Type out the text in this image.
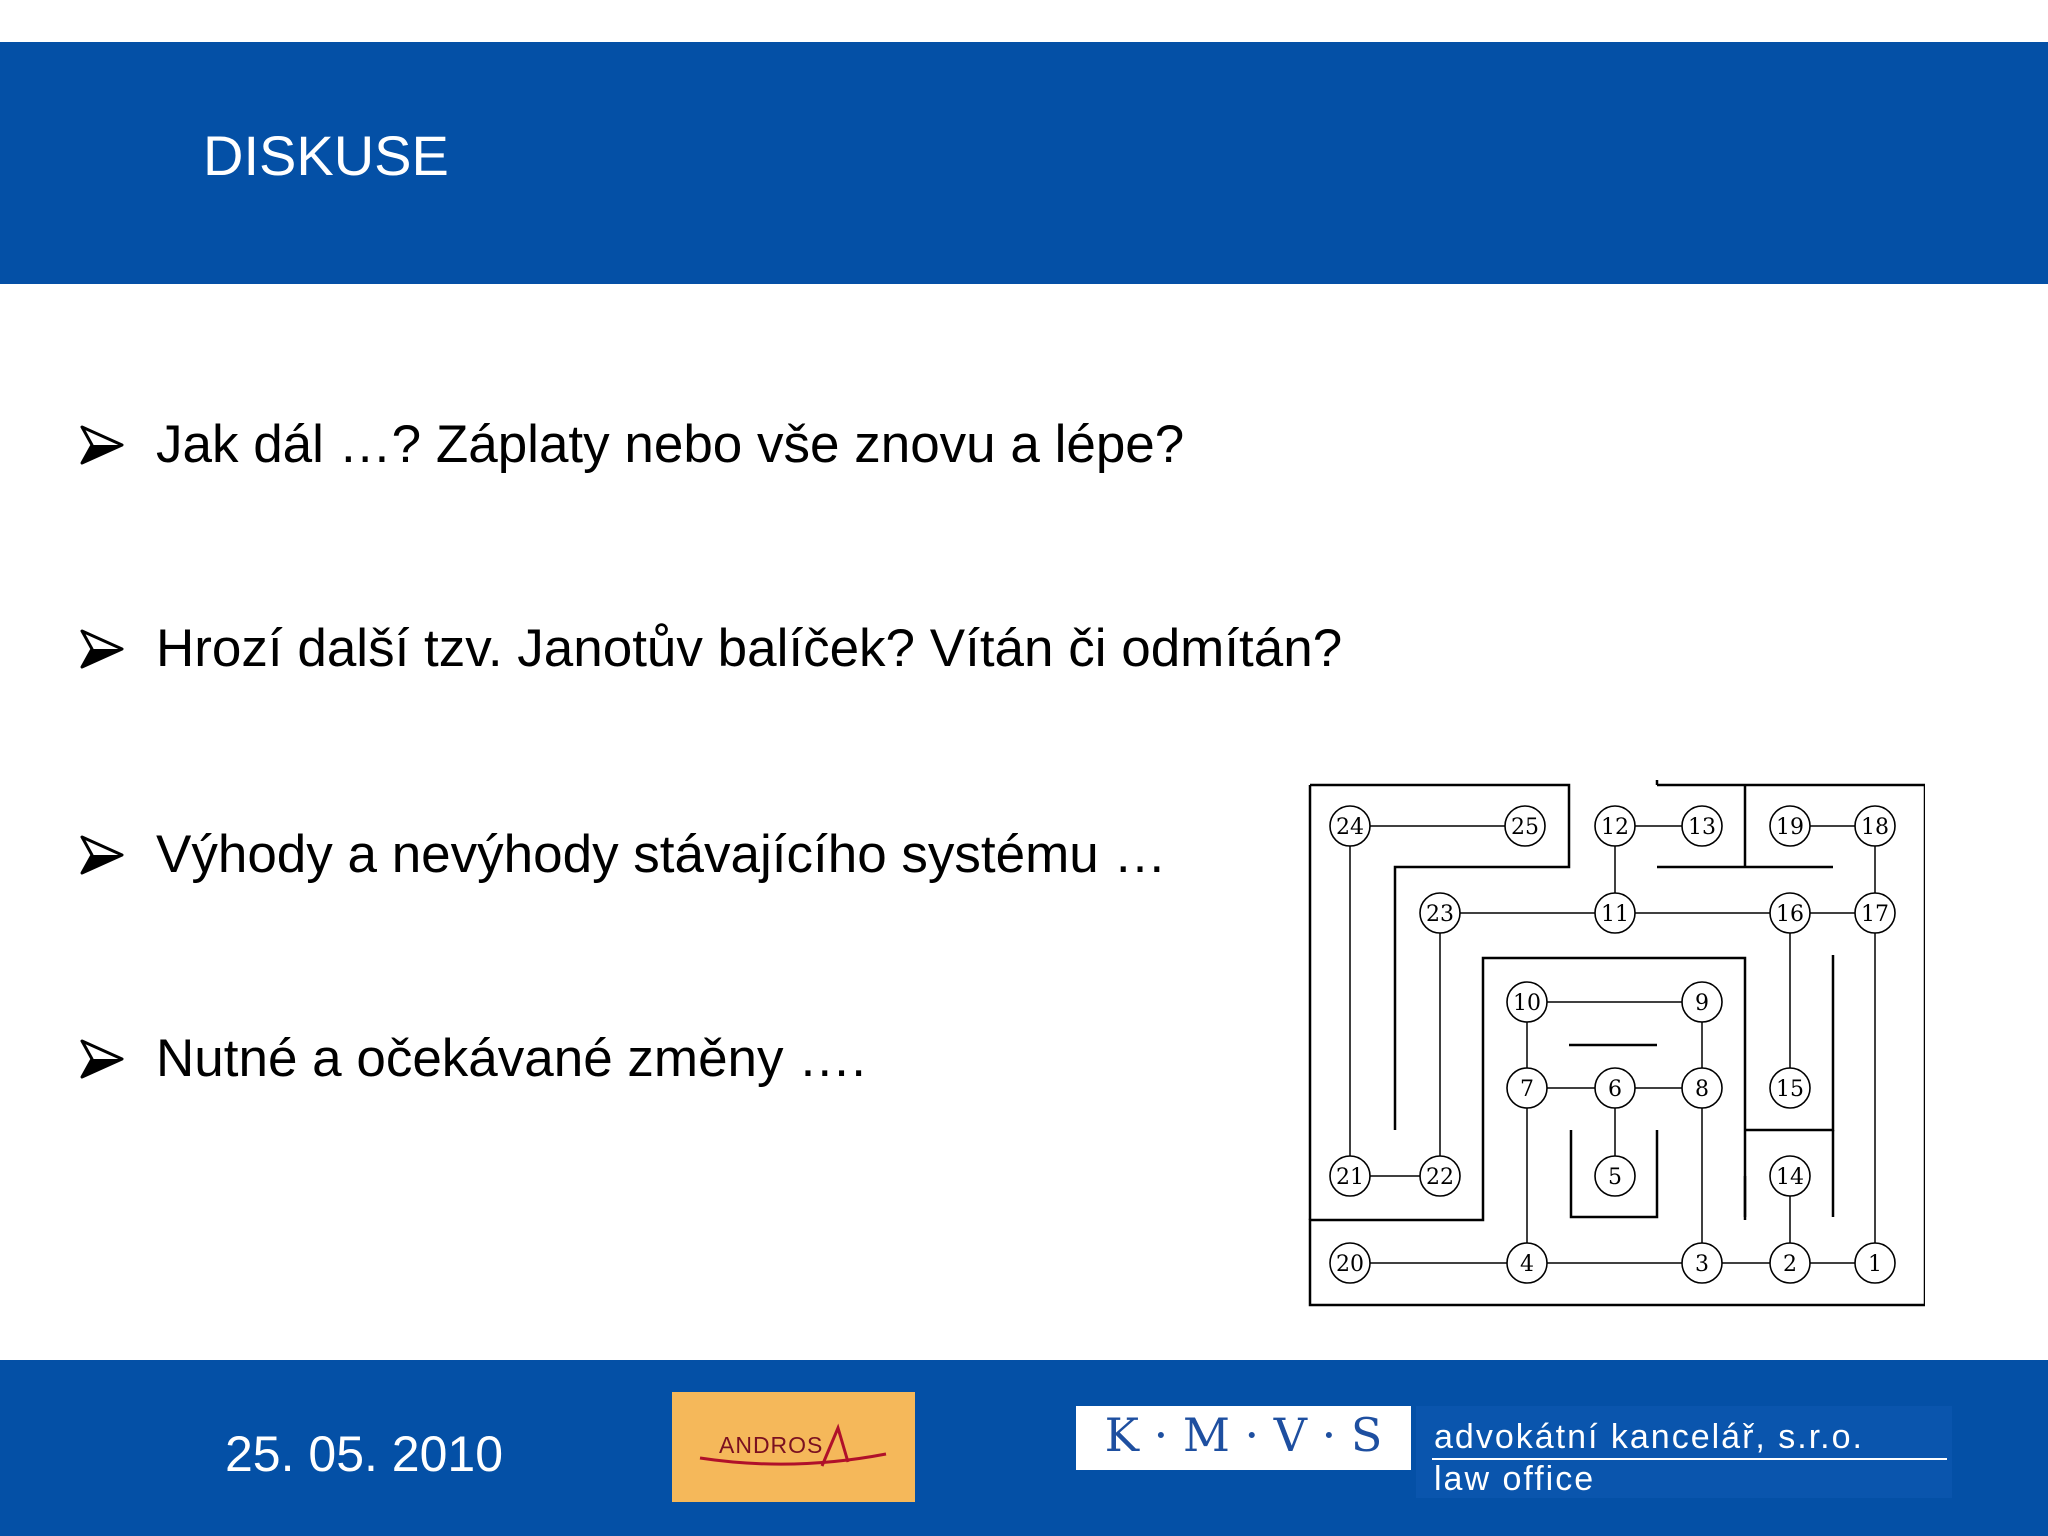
DISKUSE
Jak dál …? Záplaty nebo vše znovu a lépe?
Hrozí další tzv. Janotův balíček? Vítán či odmítán?
Výhody a nevýhody stávajícího systému …
Nutné a očekávané změny ….
1
2
3
4
5
6
7	8
9
10
11
12	13
14
15
16	17
18
19
20
21	22
23
24	25
25. 05. 2010	ANDROS	K · M · V · S	advokátní kancelář, s.r.o.
law office
